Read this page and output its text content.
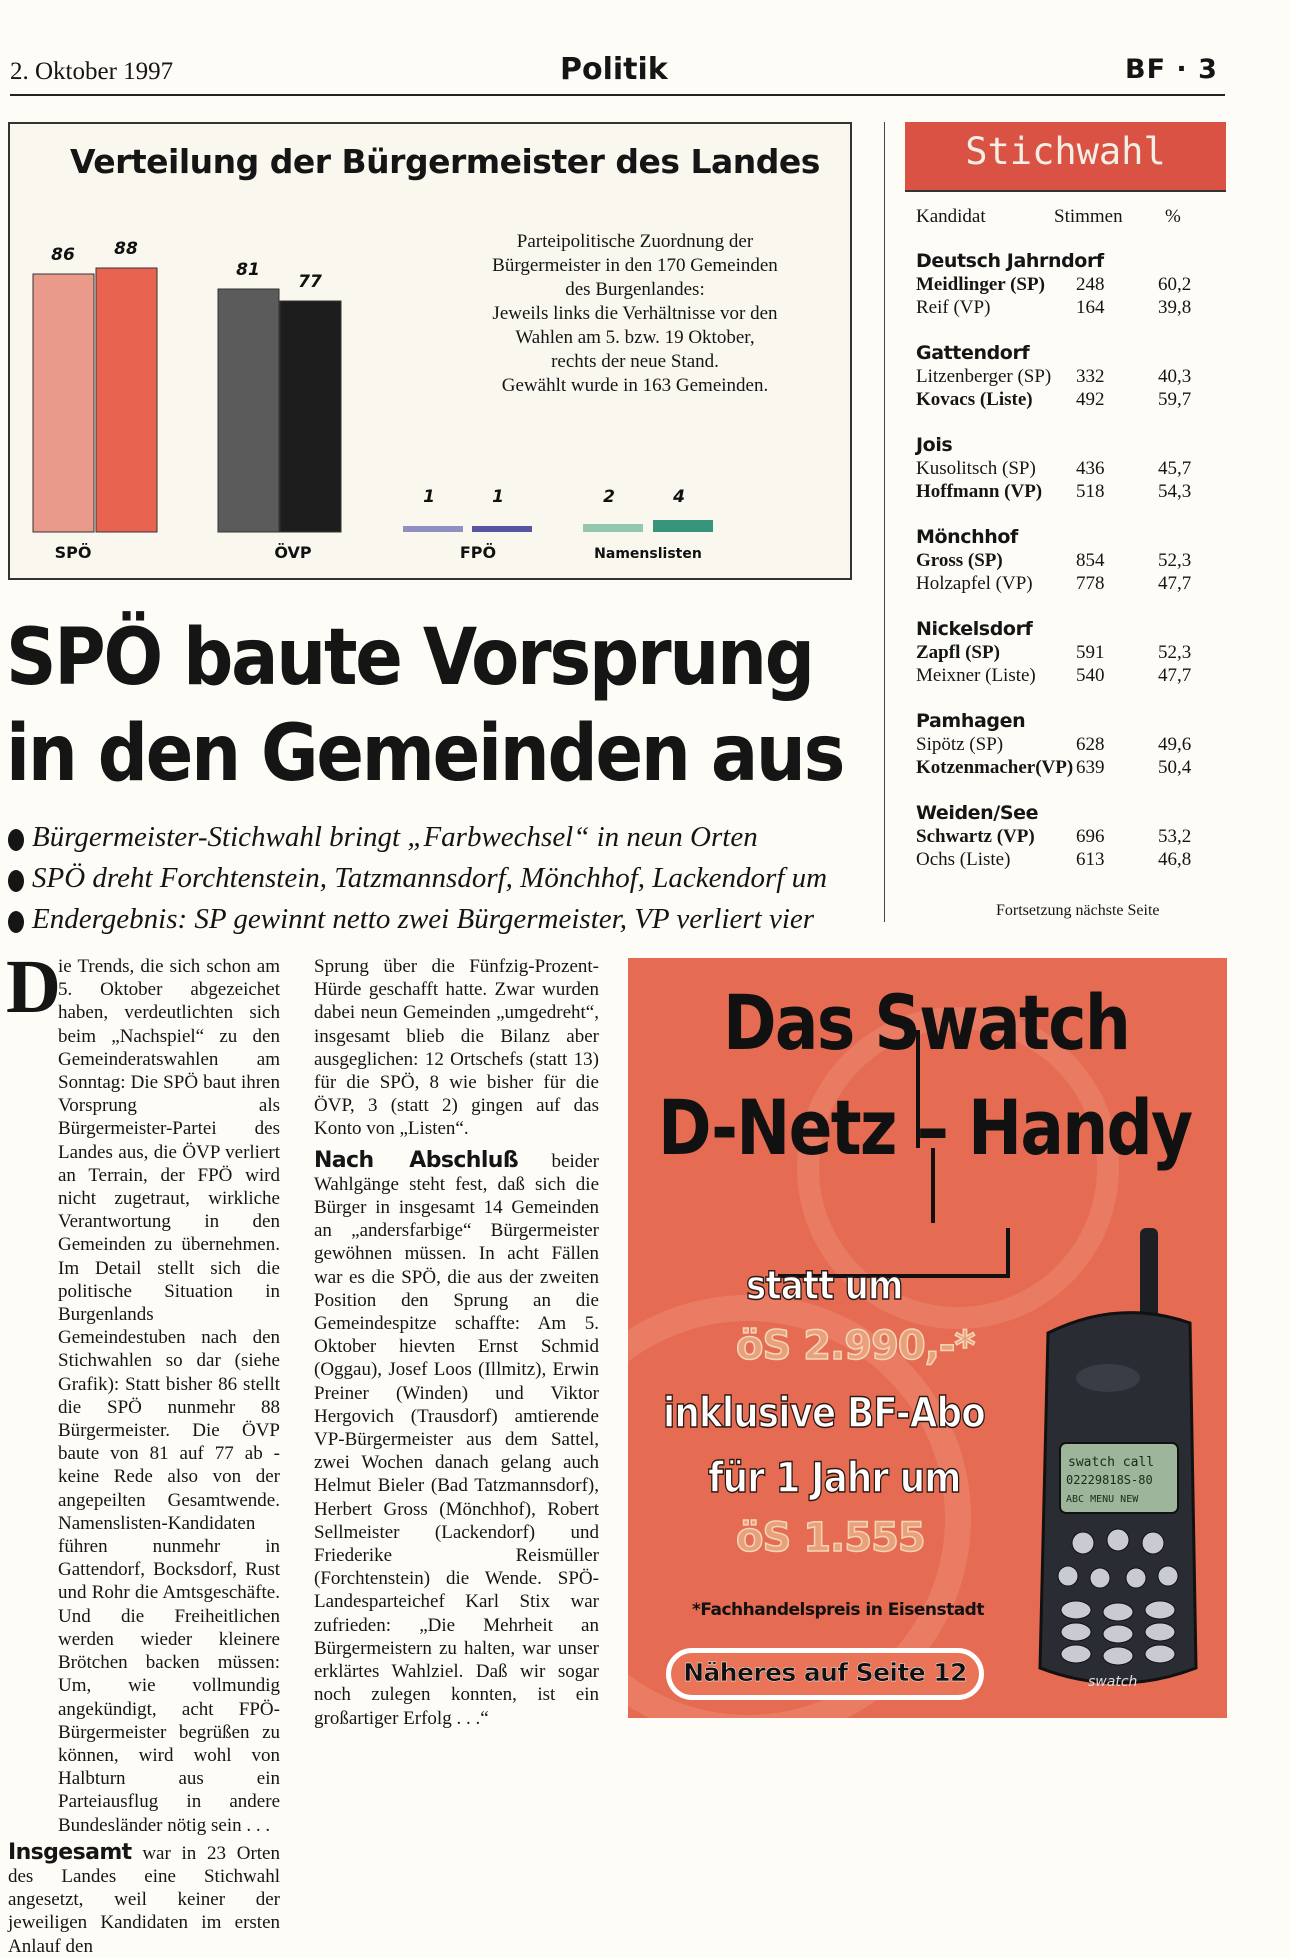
2. Oktober 1997	Politik	BF · 3
86 88
SPÖ
81
77
ÖVP
1	1
FPÖ
2	4
Namenslisten
Verteilung der Bürgermeister des Landes
Parteipolitische Zuordnung der
Bürgermeister in den 170 Gemeinden
des Burgenlandes:
Jeweils links die Verhältnisse vor den
Wahlen am 5. bzw. 19 Oktober,
rechts der neue Stand.
Gewählt wurde in 163 Gemeinden.
Stichwahl
Kandidat	Stimmen %
Deutsch Jahrndorf
Meidlinger (SP) 248	60,2
Reif (VP)	164	39,8
Gattendorf
Litzenberger (SP) 332	40,3
Kovacs (Liste) 492	59,7
Jois
Kusolitsch (SP) 436	45,7
Hoffmann (VP) 518	54,3
Mönchhof
Gross (SP)	854	52,3
Holzapfel (VP) 778	47,7
Nickelsdorf
Zapfl (SP)	591	52,3
Meixner (Liste) 540	47,7
Pamhagen
Sipötz (SP)	628	49,6
Kotzenmacher(VP) 639	50,4
Weiden/See
Schwartz (VP) 696	53,2
Ochs (Liste)	613	46,8
Fortsetzung nächste Seite
SPÖ baute Vorsprung
in den Gemeinden aus
Bürgermeister-Stichwahl bringt „Farbwechsel“ in neun Orten
SPÖ dreht Forchtenstein, Tatzmannsdorf, Mönchhof, Lackendorf um
Endergebnis: SP gewinnt netto zwei Bürgermeister, VP verliert vier
D

ie Trends, die sich schon am 5. Oktober abgezeichet haben, verdeutlichten sich beim „Nachspiel“ zu den Gemeinderatswahlen am Sonntag: Die SPÖ baut ihren Vorsprung als Bürgermeister-Partei des Landes aus, die ÖVP verliert an Terrain, der FPÖ wird nicht zugetraut, wirkliche Verantwortung in den Gemeinden zu übernehmen. Im Detail stellt sich die politische Situation in Burgenlands Gemeindestuben nach den Stichwahlen so dar (siehe Grafik): Statt bisher 86 stellt die SPÖ nunmehr 88 Bürgermeister. Die ÖVP baute von 81 auf 77 ab - keine Rede also von der angepeilten Gesamtwende. Namenslisten-Kandidaten führen nunmehr in Gattendorf, Bocksdorf, Rust und Rohr die Amtsgeschäfte. Und die Freiheitlichen werden wieder kleinere Brötchen backen müssen: Um, wie vollmundig angekündigt, acht FPÖ-Bürgermeister begrüßen zu können, wird wohl von Halbturn aus ein Parteiausflug in andere Bundesländer nötig sein . . .

Insgesamt war in 23 Orten des Landes eine Stichwahl angesetzt, weil keiner der jeweiligen Kandidaten im ersten Anlauf den

Sprung über die Fünfzig-Prozent-Hürde geschafft hatte. Zwar wurden dabei neun Gemeinden „umgedreht“, insgesamt blieb die Bilanz aber ausgeglichen: 12 Ortschefs (statt 13) für die SPÖ, 8 wie bisher für die ÖVP, 3 (statt 2) gingen auf das Konto von „Listen“.

Nach Abschluß beider Wahlgänge steht fest, daß sich die Bürger in insgesamt 14 Gemeinden an „andersfarbige“ Bürgermeister gewöhnen müssen. In acht Fällen war es die SPÖ, die aus der zweiten Position den Sprung an die Gemeindespitze schaffte: Am 5. Oktober hievten Ernst Schmid (Oggau), Josef Loos (Illmitz), Erwin Preiner (Winden) und Viktor Hergovich (Trausdorf) amtierende VP-Bürgermeister aus dem Sattel, zwei Wochen danach gelang auch Helmut Bieler (Bad Tatzmannsdorf), Herbert Gross (Mönchhof), Robert Sellmeister (Lackendorf) und Friederike Reismüller (Forchtenstein) die Wende. SPÖ-Landesparteichef Karl Stix war zufrieden: „Die Mehrheit an Bürgermeistern zu halten, war unser erklärtes Wahlziel. Daß wir sogar noch zulegen konnten, ist ein großartiger Erfolg . . .“

Das Swatch
D-Netz – Handy
statt um
öS 2.990,-*
inklusive BF-Abo
für 1 Jahr um
öS 1.555
*Fachhandelspreis in Eisenstadt
Näheres auf Seite 12
swatch call
02229818S-80
ABC MENU NEW
swatch
